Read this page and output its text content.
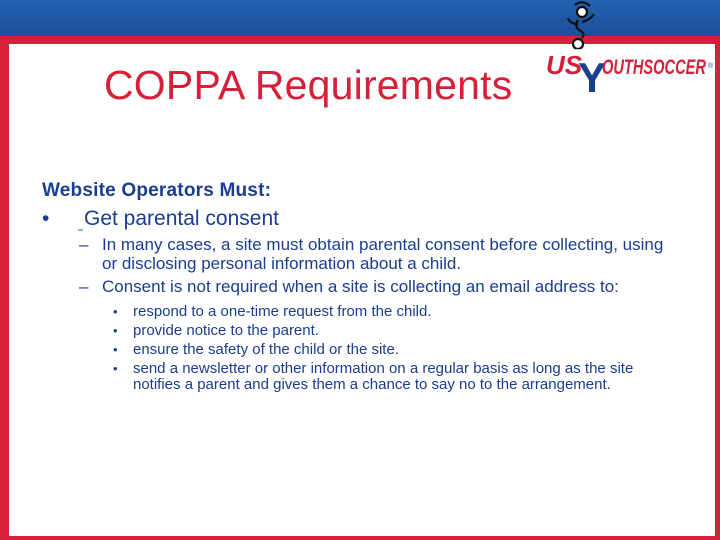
COPPA Requirements US
Y
OUTHSOCCER ®
Website Operators Must:
• Get parental consent
– In many cases, a site must obtain parental consent before collecting, using or disclosing personal information about a child.
– Consent is not required when a site is collecting an email address to:
• respond to a one-time request from the child.
• provide notice to the parent.
• ensure the safety of the child or the site.
• send a newsletter or other information on a regular basis as long as the site notifies a parent and gives them a chance to say no to the arrangement.
